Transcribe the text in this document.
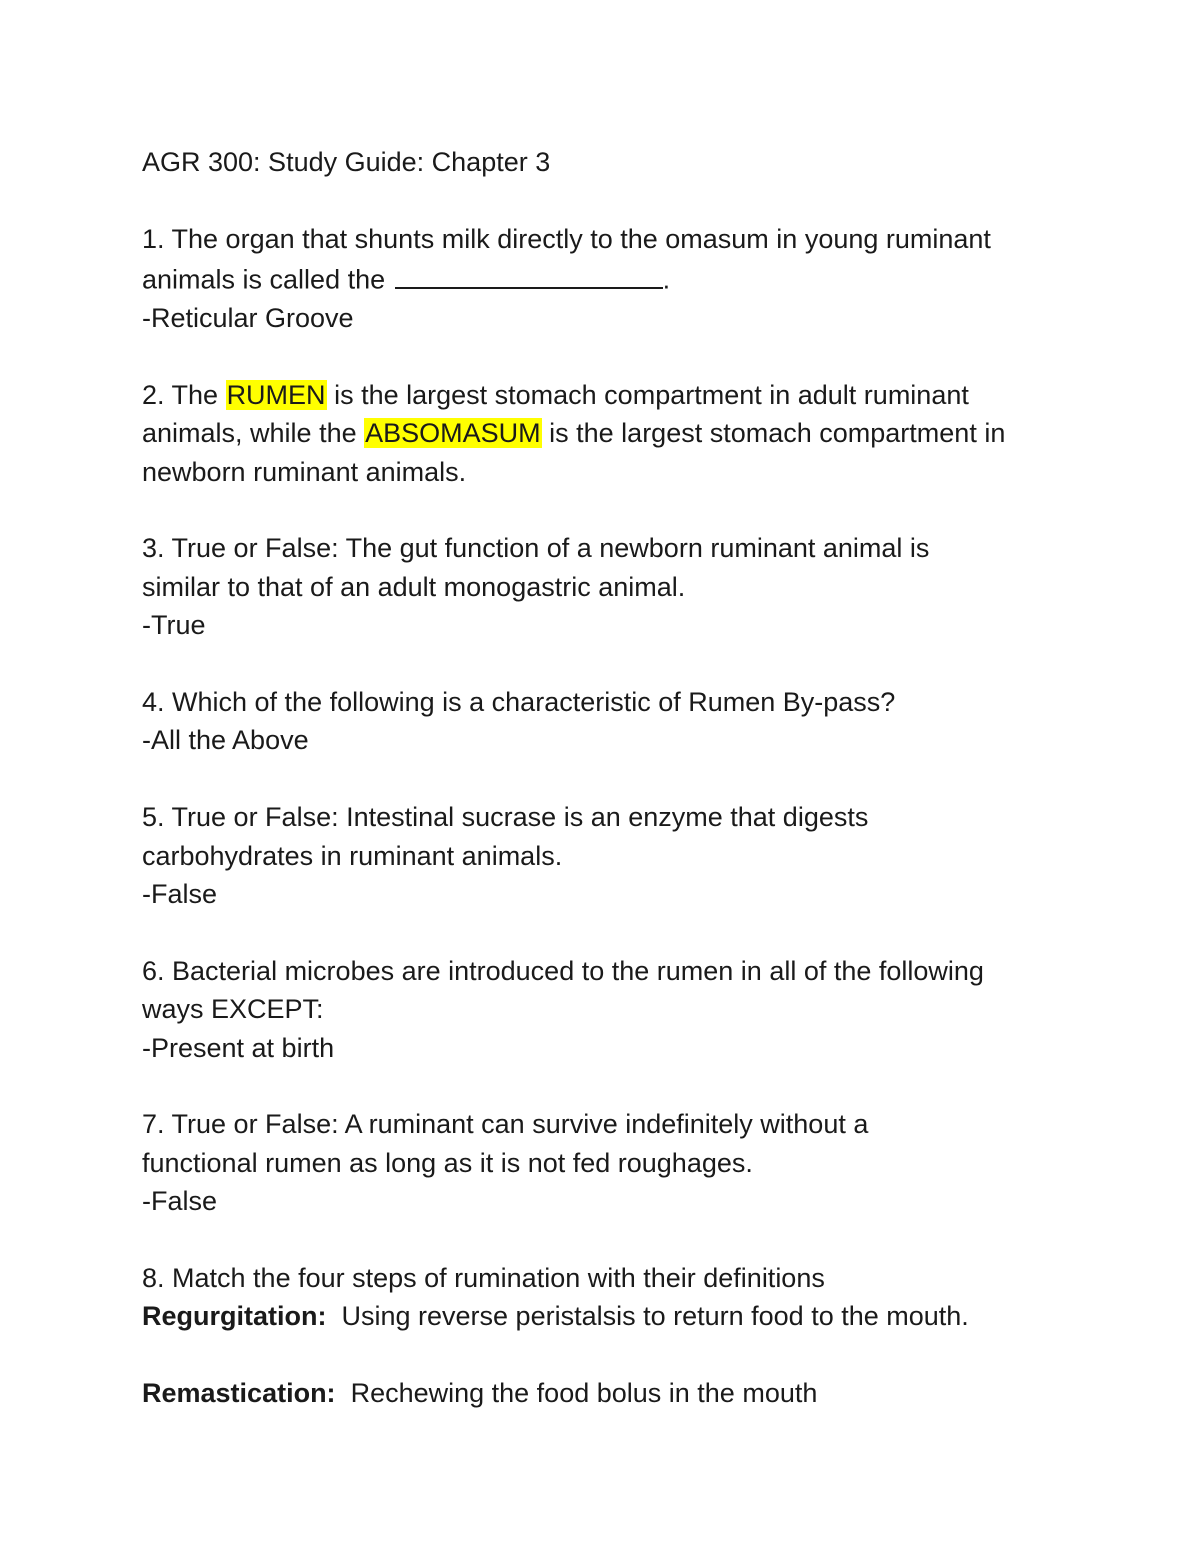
AGR 300: Study Guide: Chapter 3
1. The organ that shunts milk directly to the omasum in young ruminant
animals is called the	.
-Reticular Groove
2. The RUMEN is the largest stomach compartment in adult ruminant
animals, while the ABSOMASUM is the largest stomach compartment in
newborn ruminant animals.
3. True or False: The gut function of a newborn ruminant animal is
similar to that of an adult monogastric animal.
-True
4. Which of the following is a characteristic of Rumen By-pass?
-All the Above
5. True or False: Intestinal sucrase is an enzyme that digests
carbohydrates in ruminant animals.
-False
6. Bacterial microbes are introduced to the rumen in all of the following
ways EXCEPT:
-Present at birth
7. True or False: A ruminant can survive indefinitely without a
functional rumen as long as it is not fed roughages.
-False
8. Match the four steps of rumination with their definitions
Regurgitation:  Using reverse peristalsis to return food to the mouth.
Remastication:  Rechewing the food bolus in the mouth
